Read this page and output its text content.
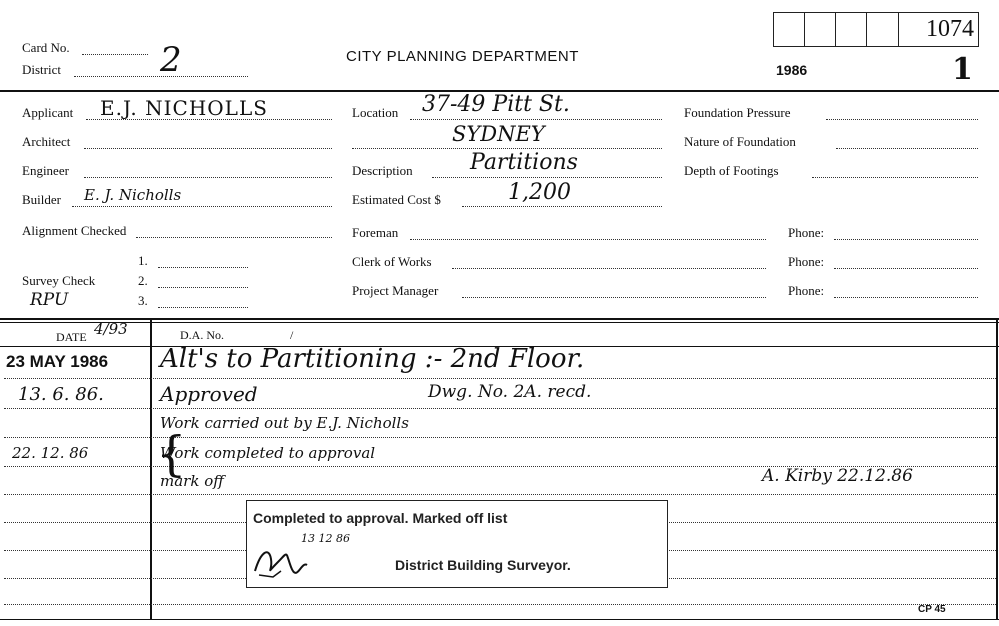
Card No.
District	2	CITY PLANNING DEPARTMENT
1074
1986	1
Applicant E.J. NICHOLLS
Architect
Engineer
Builder E. J. Nicholls
Alignment Checked
Survey Check
1.
2.
3.
RPU
Location 37-49 Pitt St.
SYDNEY
Description	Partitions
Estimated Cost $	1,200
Foreman
Clerk of Works
Project Manager
Foundation Pressure
Nature of Foundation
Depth of Footings
Phone:
Phone:
Phone:
DATE 4/93	D.A. No.	/
23 MAY 1986 Alt's to Partitioning :- 2nd Floor.
13. 6. 86.	Approved	Dwg. No. 2A. recd.
Work carried out by E.J. Nicholls
22. 12. 86 {
Work completed to approval
mark off	A. Kirby 22.12.86
Completed to approval. Marked off list
13 12 86
District Building Surveyor.
CP 45
